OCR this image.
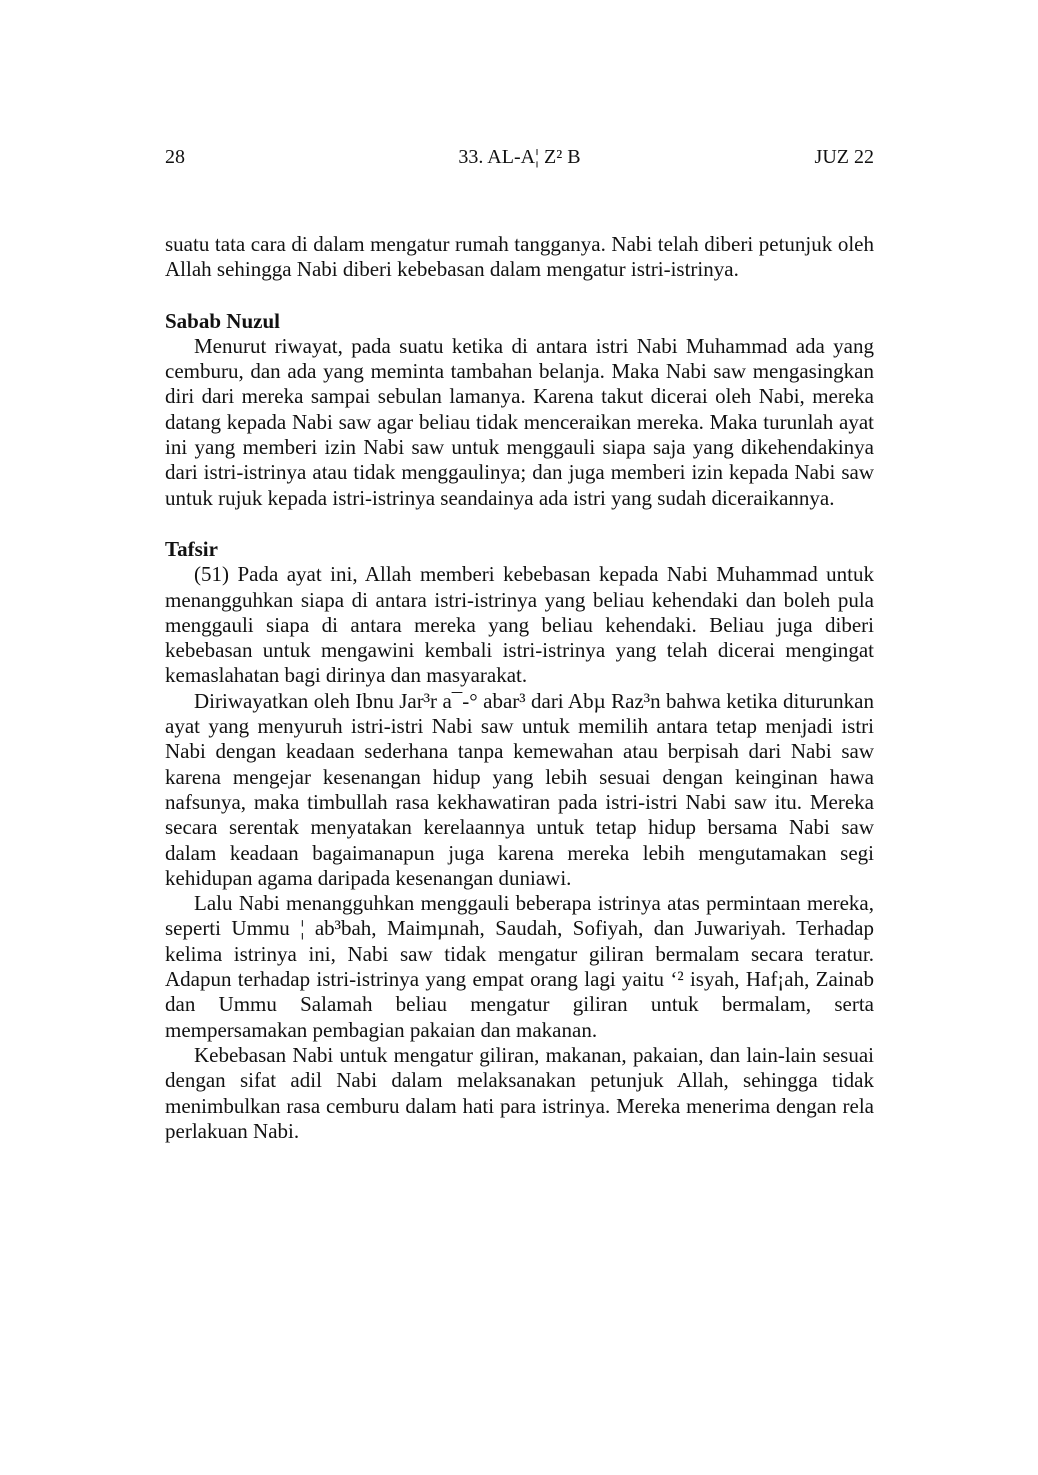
28	33. AL-A¦ Z² B	JUZ 22

suatu tata cara di dalam mengatur rumah tangganya. Nabi telah diberi petunjuk oleh Allah sehingga Nabi diberi kebebasan dalam mengatur istri-istrinya.

Sabab Nuzul

Menurut riwayat, pada suatu ketika di antara istri Nabi Muhammad ada yang cemburu, dan ada yang meminta tambahan belanja. Maka Nabi saw mengasingkan diri dari mereka sampai sebulan lamanya. Karena takut dicerai oleh Nabi, mereka datang kepada Nabi saw agar beliau tidak menceraikan mereka. Maka turunlah ayat ini yang memberi izin Nabi saw untuk menggauli siapa saja yang dikehendakinya dari istri-istrinya atau tidak menggaulinya; dan juga memberi izin kepada Nabi saw untuk rujuk kepada istri-istrinya seandainya ada istri yang sudah diceraikannya.

Tafsir

(51) Pada ayat ini, Allah memberi kebebasan kepada Nabi Muhammad untuk menangguhkan siapa di antara istri-istrinya yang beliau kehendaki dan boleh pula menggauli siapa di antara mereka yang beliau kehendaki. Beliau juga diberi kebebasan untuk mengawini kembali istri-istrinya yang telah dicerai mengingat kemaslahatan bagi dirinya dan masyarakat.

Diriwayatkan oleh Ibnu Jar³r a¯-° abar³ dari Abµ Raz³n bahwa ketika diturunkan ayat yang menyuruh istri-istri Nabi saw untuk memilih antara tetap menjadi istri Nabi dengan keadaan sederhana tanpa kemewahan atau berpisah dari Nabi saw karena mengejar kesenangan hidup yang lebih sesuai dengan keinginan hawa nafsunya, maka timbullah rasa kekhawatiran pada istri-istri Nabi saw itu. Mereka secara serentak menyatakan kerelaannya untuk tetap hidup bersama Nabi saw dalam keadaan bagaimanapun juga karena mereka lebih mengutamakan segi kehidupan agama daripada kesenangan duniawi.

Lalu Nabi menangguhkan menggauli beberapa istrinya atas permintaan mereka, seperti Ummu ¦ ab³bah, Maimµnah, Saudah, Sofiyah, dan Juwariyah. Terhadap kelima istrinya ini, Nabi saw tidak mengatur giliran bermalam secara teratur. Adapun terhadap istri-istrinya yang empat orang lagi yaitu ‘² isyah, Haf¡ah, Zainab dan Ummu Salamah beliau mengatur giliran untuk bermalam, serta mempersamakan pembagian pakaian dan makanan.

Kebebasan Nabi untuk mengatur giliran, makanan, pakaian, dan lain-lain sesuai dengan sifat adil Nabi dalam melaksanakan petunjuk Allah, sehingga tidak menimbulkan rasa cemburu dalam hati para istrinya. Mereka menerima dengan rela perlakuan Nabi.
